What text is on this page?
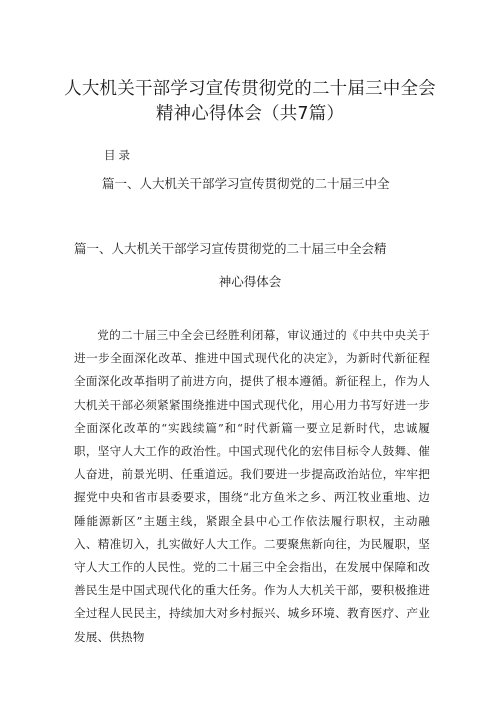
人大机关干部学习宣传贯彻党的二十届三中全会精神心得体会（共7篇）
目录
篇一、人大机关干部学习宣传贯彻党的二十届三中全
篇一、人大机关干部学习宣传贯彻党的二十届三中全会精
神心得体会

党的二十届三中全会已经胜利闭幕，审议通过的《中共中央关于进一步全面深化改革、推进中国式现代化的决定》，为新时代新征程全面深化改革指明了前进方向，提供了根本遵循。新征程上，作为人大机关干部必须紧紧围绕推进中国式现代化，用心用力书写好进一步全面深化改革的“实践续篇”和“时代新篇一要立足新时代，忠诚履职，坚守人大工作的政治性。中国式现代化的宏伟目标令人鼓舞、催人奋进，前景光明、任重道远。我们要进一步提高政治站位，牢牢把握党中央和省市县委要求，围绕“北方鱼米之乡、两江牧业重地、边陲能源新区”主题主线，紧跟全县中心工作依法履行职权，主动融入、精准切入，扎实做好人大工作。二要聚焦新向往，为民履职，坚守人大工作的人民性。党的二十届三中全会指出，在发展中保障和改善民生是中国式现代化的重大任务。作为人大机关干部，要积极推进全过程人民民主，持续加大对乡村振兴、城乡环境、教育医疗、产业发展、供热物
